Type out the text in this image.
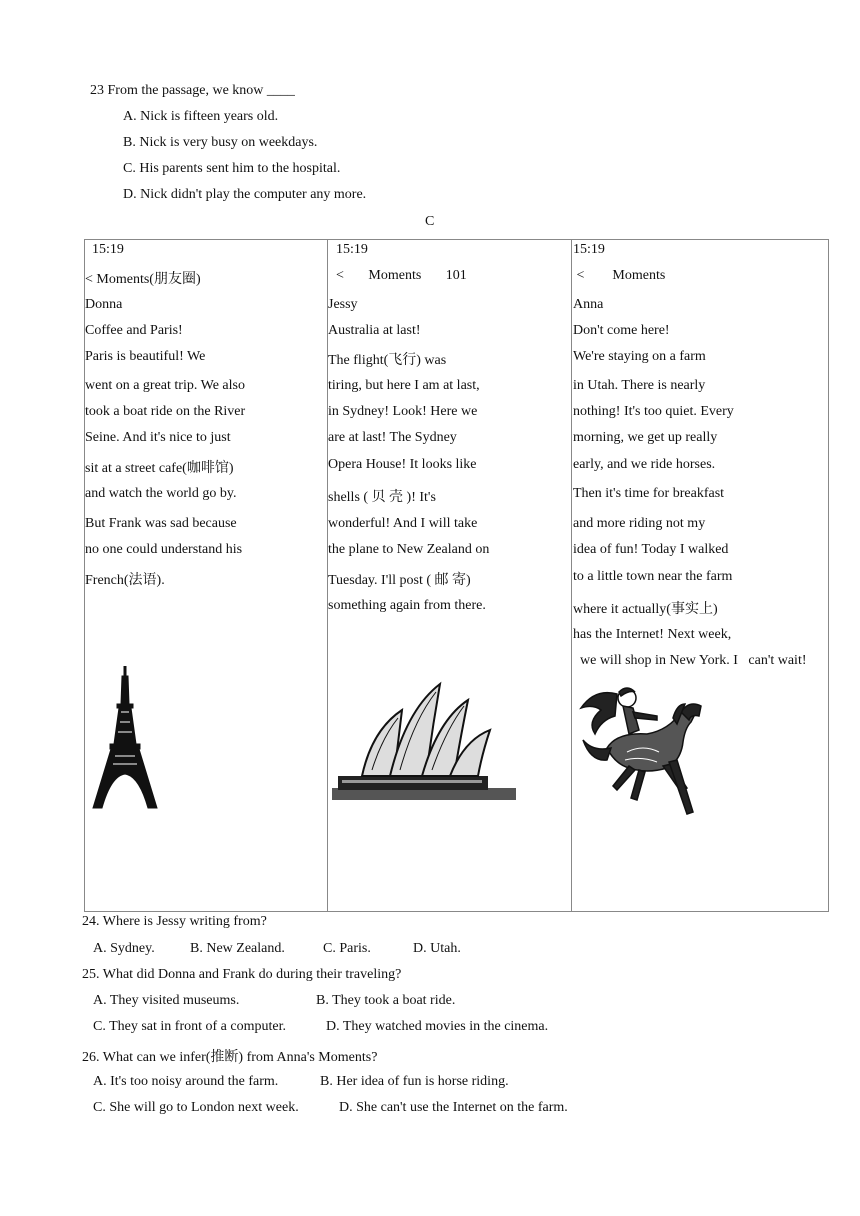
23 From the passage, we know ____
A. Nick is fifteen years old.
B. Nick is very busy on weekdays.
C. His parents sent him to the hospital.
D. Nick didn't play the computer any more.
C
15:19
< Moments(朋友圈)
Donna
Coffee and Paris!
Paris is beautiful! We
went on a great trip. We also
took a boat ride on the River
Seine. And it's nice to just
sit at a street cafe(咖啡馆)
and watch the world go by.
But Frank was sad because
no one could understand his
French(法语).
15:19
<       Moments       101
Jessy
Australia at last!
The flight(飞行) was
tiring, but here I am at last,
in Sydney! Look! Here we
are at last! The Sydney
Opera House! It looks like
shells ( 贝 壳 )! It's
wonderful! And I will take
the plane to New Zealand on
Tuesday. I'll post ( 邮 寄)
something again from there.
15:19
<        Moments
Anna
Don't come here!
We're staying on a farm
in Utah. There is nearly
nothing! It's too quiet. Every
morning, we get up really
early, and we ride horses.
Then it's time for breakfast
and more riding not my
idea of fun! Today I walked
to a little town near the farm
where it actually(事实上)
has the Internet! Next week,
we will shop in New York. I   can't wait!
24. Where is Jessy writing from?
A. Sydney.	B. New Zealand.	C. Paris.	D. Utah.
25. What did Donna and Frank do during their traveling?
A. They visited museums.	B. They took a boat ride.
C. They sat in front of a computer.	D. They watched movies in the cinema.
26. What can we infer(推断) from Anna's Moments?
A. It's too noisy around the farm.	B. Her idea of fun is horse riding.
C. She will go to London next week.	D. She can't use the Internet on the farm.
